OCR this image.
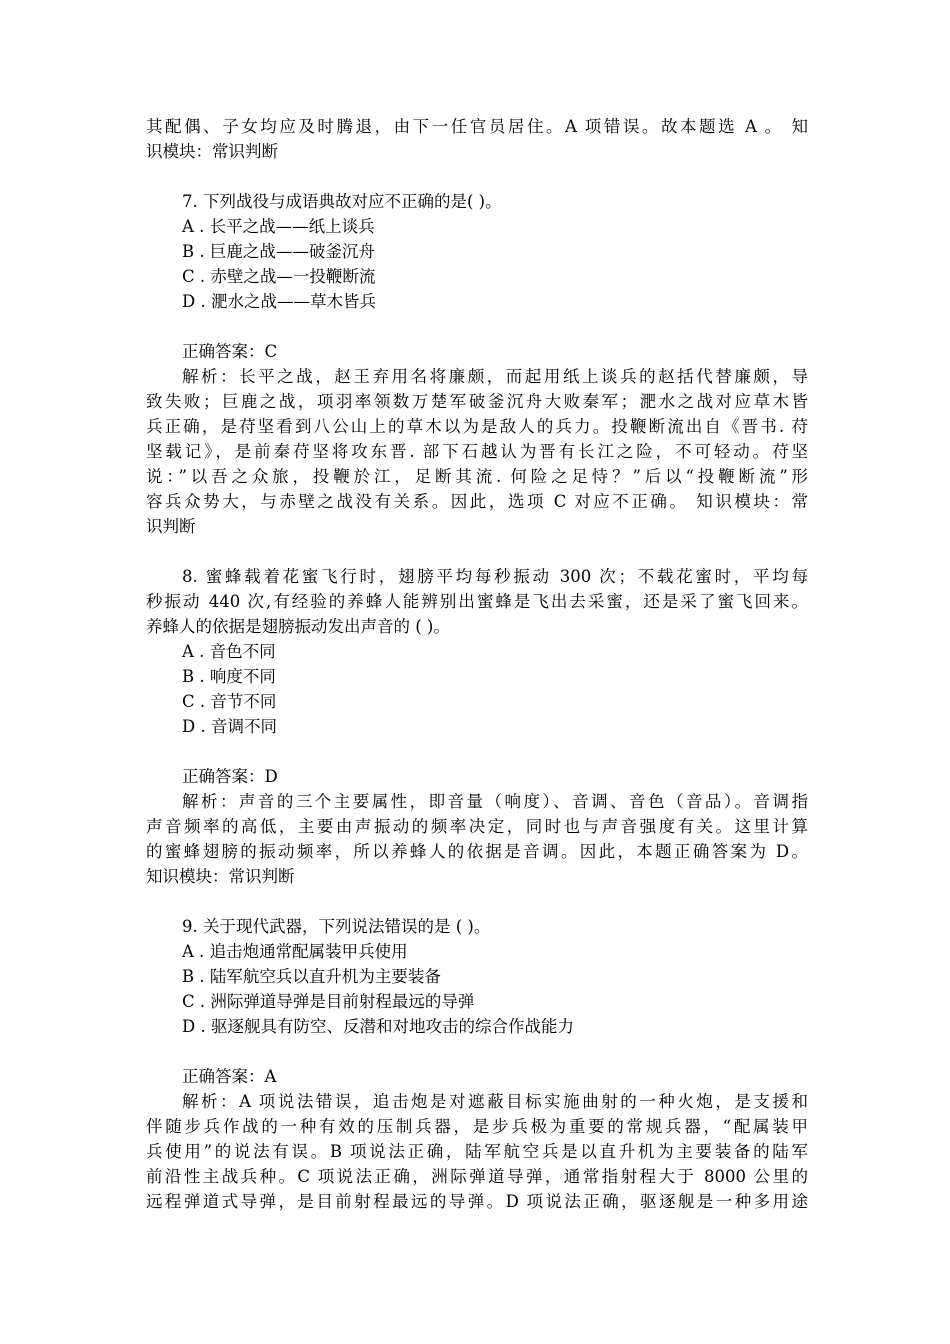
其配偶、子女均应及时腾退，由下一任官员居住。A 项错误。故本题选 A 。 知
识模块：常识判断
7. 下列战役与成语典故对应不正确的是( )。
A . 长平之战——纸上谈兵
B . 巨鹿之战——破釜沉舟
C . 赤壁之战—一投鞭断流
D . 淝水之战——草木皆兵
正确答案：C
解析：长平之战，赵王弃用名将廉颇，而起用纸上谈兵的赵括代替廉颇，导
致失败；巨鹿之战，项羽率领数万楚军破釜沉舟大败秦军；淝水之战对应草木皆
兵正确，是苻坚看到八公山上的草木以为是敌人的兵力。投鞭断流出自《晋书. 苻
坚载记》，是前秦苻坚将攻东晋. 部下石越认为晋有长江之险，不可轻动。苻坚
说：”以吾之众旅，投鞭於江，足断其流. 何险之足恃？”后以“投鞭断流”形
容兵众势大，与赤壁之战没有关系。因此，选项 C 对应不正确。 知识模块：常
识判断
8. 蜜蜂载着花蜜飞行时，翅膀平均每秒振动 300 次；不载花蜜时，平均每
秒振动 440 次,有经验的养蜂人能辨别出蜜蜂是飞出去采蜜，还是采了蜜飞回来。
养蜂人的依据是翅膀振动发出声音的 ( )。
A . 音色不同
B . 响度不同
C . 音节不同
D . 音调不同
正确答案：D
解析：声音的三个主要属性，即音量（响度）、音调、音色（音品）。音调指
声音频率的高低，主要由声振动的频率决定，同时也与声音强度有关。这里计算
的蜜蜂翅膀的振动频率，所以养蜂人的依据是音调。因此，本题正确答案为 D。
知识模块：常识判断
9. 关于现代武器，下列说法错误的是 ( )。
A . 追击炮通常配属装甲兵使用
B . 陆军航空兵以直升机为主要装备
C . 洲际弹道导弹是目前射程最远的导弹
D . 驱逐舰具有防空、反潜和对地攻击的综合作战能力
正确答案：A
解析：A 项说法错误，追击炮是对遮蔽目标实施曲射的一种火炮，是支援和
伴随步兵作战的一种有效的压制兵器，是步兵极为重要的常规兵器，“配属装甲
兵使用”的说法有误。B 项说法正确，陆军航空兵是以直升机为主要装备的陆军
前沿性主战兵种。C 项说法正确，洲际弹道导弹，通常指射程大于 8000 公里的
远程弹道式导弹，是目前射程最远的导弹。D 项说法正确，驱逐舰是一种多用途
